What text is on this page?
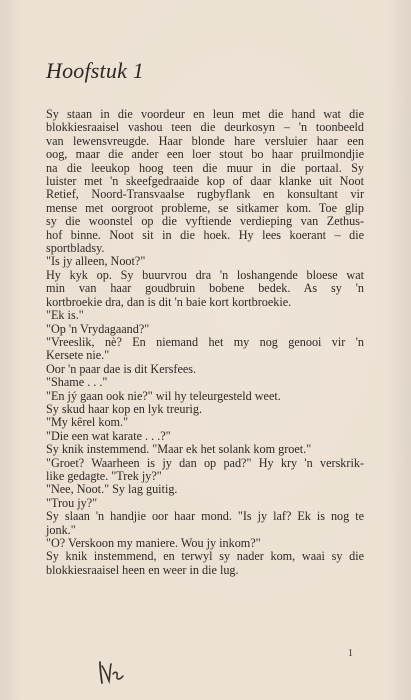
Hoofstuk 1
Sy staan in die voordeur en leun met die hand wat die
blokkiesraaisel vashou teen die deurkosyn – 'n toonbeeld
van lewensvreugde. Haar blonde hare versluier haar een
oog, maar die ander een loer stout bo haar pruilmondjie
na die leeukop hoog teen die muur in die portaal. Sy
luister met 'n skeefgedraaide kop of daar klanke uit Noot
Retief, Noord-Transvaalse rugbyflank en konsultant vir
mense met oorgroot probleme, se sitkamer kom. Toe glip
sy die woonstel op die vyftiende verdieping van Zethus-
hof binne. Noot sit in die hoek. Hy lees koerant – die
sportbladsy.
"Is jy alleen, Noot?"
Hy kyk op. Sy buurvrou dra 'n loshangende bloese wat
min van haar goudbruin bobene bedek. As sy 'n
kortbroekie dra, dan is dit 'n baie kort kortbroekie.
"Ek is."
"Op 'n Vrydagaand?"
"Vreeslik, nè? En niemand het my nog genooi vir 'n
Kersete nie."
Oor 'n paar dae is dit Kersfees.
"Shame . . ."
"En jý gaan ook nie?" wil hy teleurgesteld weet.
Sy skud haar kop en lyk treurig.
"My kêrel kom."
"Die een wat karate . . .?"
Sy knik instemmend. "Maar ek het solank kom groet."
"Groet? Waarheen is jy dan op pad?" Hy kry 'n verskrik-
like gedagte. "Trek jy?"
"Nee, Noot." Sy lag guitig.
"Trou jy?"
Sy slaan 'n handjie oor haar mond. "Is jy laf? Ek is nog te
jonk."
"O? Verskoon my maniere. Wou jy inkom?"
Sy knik instemmend, en terwyl sy nader kom, waai sy die
blokkiesraaisel heen en weer in die lug.
1
